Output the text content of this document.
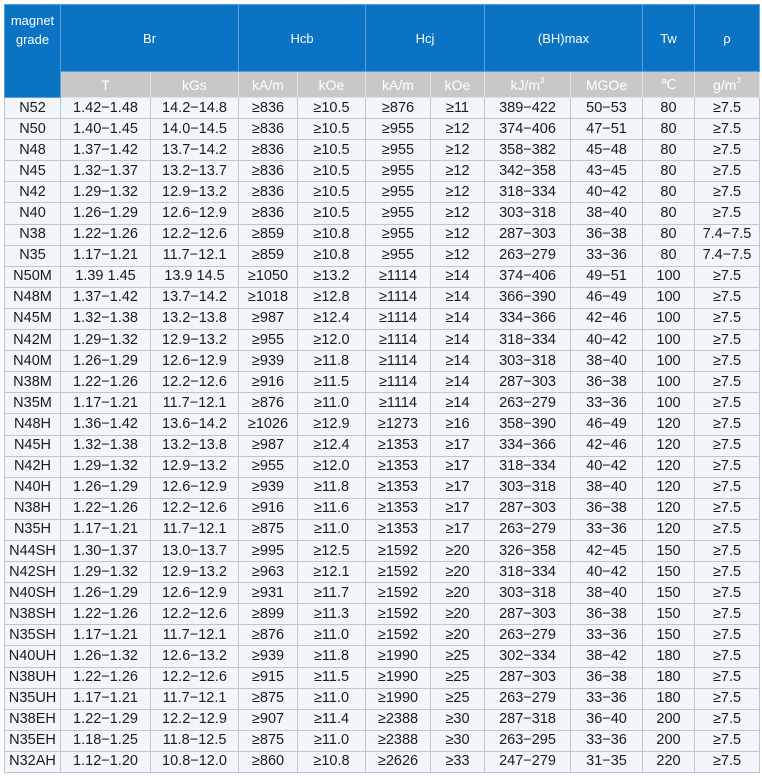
magnet
grade	Br		Hcb		Hcj		(BH)max		Tw	ρ
	T	kGs	kA/m	kOe	kA/m	kOe	$kJ/m^3$	MGOe	℃	$g/m^3$
N52	1.42−1.48	14.2−14.8	≥836	≥10.5	≥876	≥11	389−422	50−53	80	≥7.5
N50	1.40−1.45	14.0−14.5	≥836	≥10.5	≥955	≥12	374−406	47−51	80	≥7.5
N48	1.37−1.42	13.7−14.2	≥836	≥10.5	≥955	≥12	358−382	45−48	80	≥7.5
N45	1.32−1.37	13.2−13.7	≥836	≥10.5	≥955	≥12	342−358	43−45	80	≥7.5
N42	1.29−1.32	12.9−13.2	≥836	≥10.5	≥955	≥12	318−334	40−42	80	≥7.5
N40	1.26−1.29	12.6−12.9	≥836	≥10.5	≥955	≥12	303−318	38−40	80	≥7.5
N38	1.22−1.26	12.2−12.6	≥859	≥10.8	≥955	≥12	287−303	36−38	80	7.4−7.5
N35	1.17−1.21	11.7−12.1	≥859	≥10.8	≥955	≥12	263−279	33−36	80	7.4−7.5
N50M	1.39 1.45	13.9 14.5	≥1050	≥13.2	≥1114	≥14	374−406	49−51	100	≥7.5
N48M	1.37−1.42	13.7−14.2	≥1018	≥12.8	≥1114	≥14	366−390	46−49	100	≥7.5
N45M	1.32−1.38	13.2−13.8	≥987	≥12.4	≥1114	≥14	334−366	42−46	100	≥7.5
N42M	1.29−1.32	12.9−13.2	≥955	≥12.0	≥1114	≥14	318−334	40−42	100	≥7.5
N40M	1.26−1.29	12.6−12.9	≥939	≥11.8	≥1114	≥14	303−318	38−40	100	≥7.5
N38M	1.22−1.26	12.2−12.6	≥916	≥11.5	≥1114	≥14	287−303	36−38	100	≥7.5
N35M	1.17−1.21	11.7−12.1	≥876	≥11.0	≥1114	≥14	263−279	33−36	100	≥7.5
N48H	1.36−1.42	13.6−14.2	≥1026	≥12.9	≥1273	≥16	358−390	46−49	120	≥7.5
N45H	1.32−1.38	13.2−13.8	≥987	≥12.4	≥1353	≥17	334−366	42−46	120	≥7.5
N42H	1.29−1.32	12.9−13.2	≥955	≥12.0	≥1353	≥17	318−334	40−42	120	≥7.5
N40H	1.26−1.29	12.6−12.9	≥939	≥11.8	≥1353	≥17	303−318	38−40	120	≥7.5
N38H	1.22−1.26	12.2−12.6	≥916	≥11.6	≥1353	≥17	287−303	36−38	120	≥7.5
N35H	1.17−1.21	11.7−12.1	≥875	≥11.0	≥1353	≥17	263−279	33−36	120	≥7.5
N44SH	1.30−1.37	13.0−13.7	≥995	≥12.5	≥1592	≥20	326−358	42−45	150	≥7.5
N42SH	1.29−1.32	12.9−13.2	≥963	≥12.1	≥1592	≥20	318−334	40−42	150	≥7.5
N40SH	1.26−1.29	12.6−12.9	≥931	≥11.7	≥1592	≥20	303−318	38−40	150	≥7.5
N38SH	1.22−1.26	12.2−12.6	≥899	≥11.3	≥1592	≥20	287−303	36−38	150	≥7.5
N35SH	1.17−1.21	11.7−12.1	≥876	≥11.0	≥1592	≥20	263−279	33−36	150	≥7.5
N40UH	1.26−1.32	12.6−13.2	≥939	≥11.8	≥1990	≥25	302−334	38−42	180	≥7.5
N38UH	1.22−1.26	12.2−12.6	≥915	≥11.5	≥1990	≥25	287−303	36−38	180	≥7.5
N35UH	1.17−1.21	11.7−12.1	≥875	≥11.0	≥1990	≥25	263−279	33−36	180	≥7.5
N38EH	1.22−1.29	12.2−12.9	≥907	≥11.4	≥2388	≥30	287−318	36−40	200	≥7.5
N35EH	1.18−1.25	11.8−12.5	≥875	≥11.0	≥2388	≥30	263−295	33−36	200	≥7.5
N32AH	1.12−1.20	10.8−12.0	≥860	≥10.8	≥2626	≥33	247−279	31−35	220	≥7.5
